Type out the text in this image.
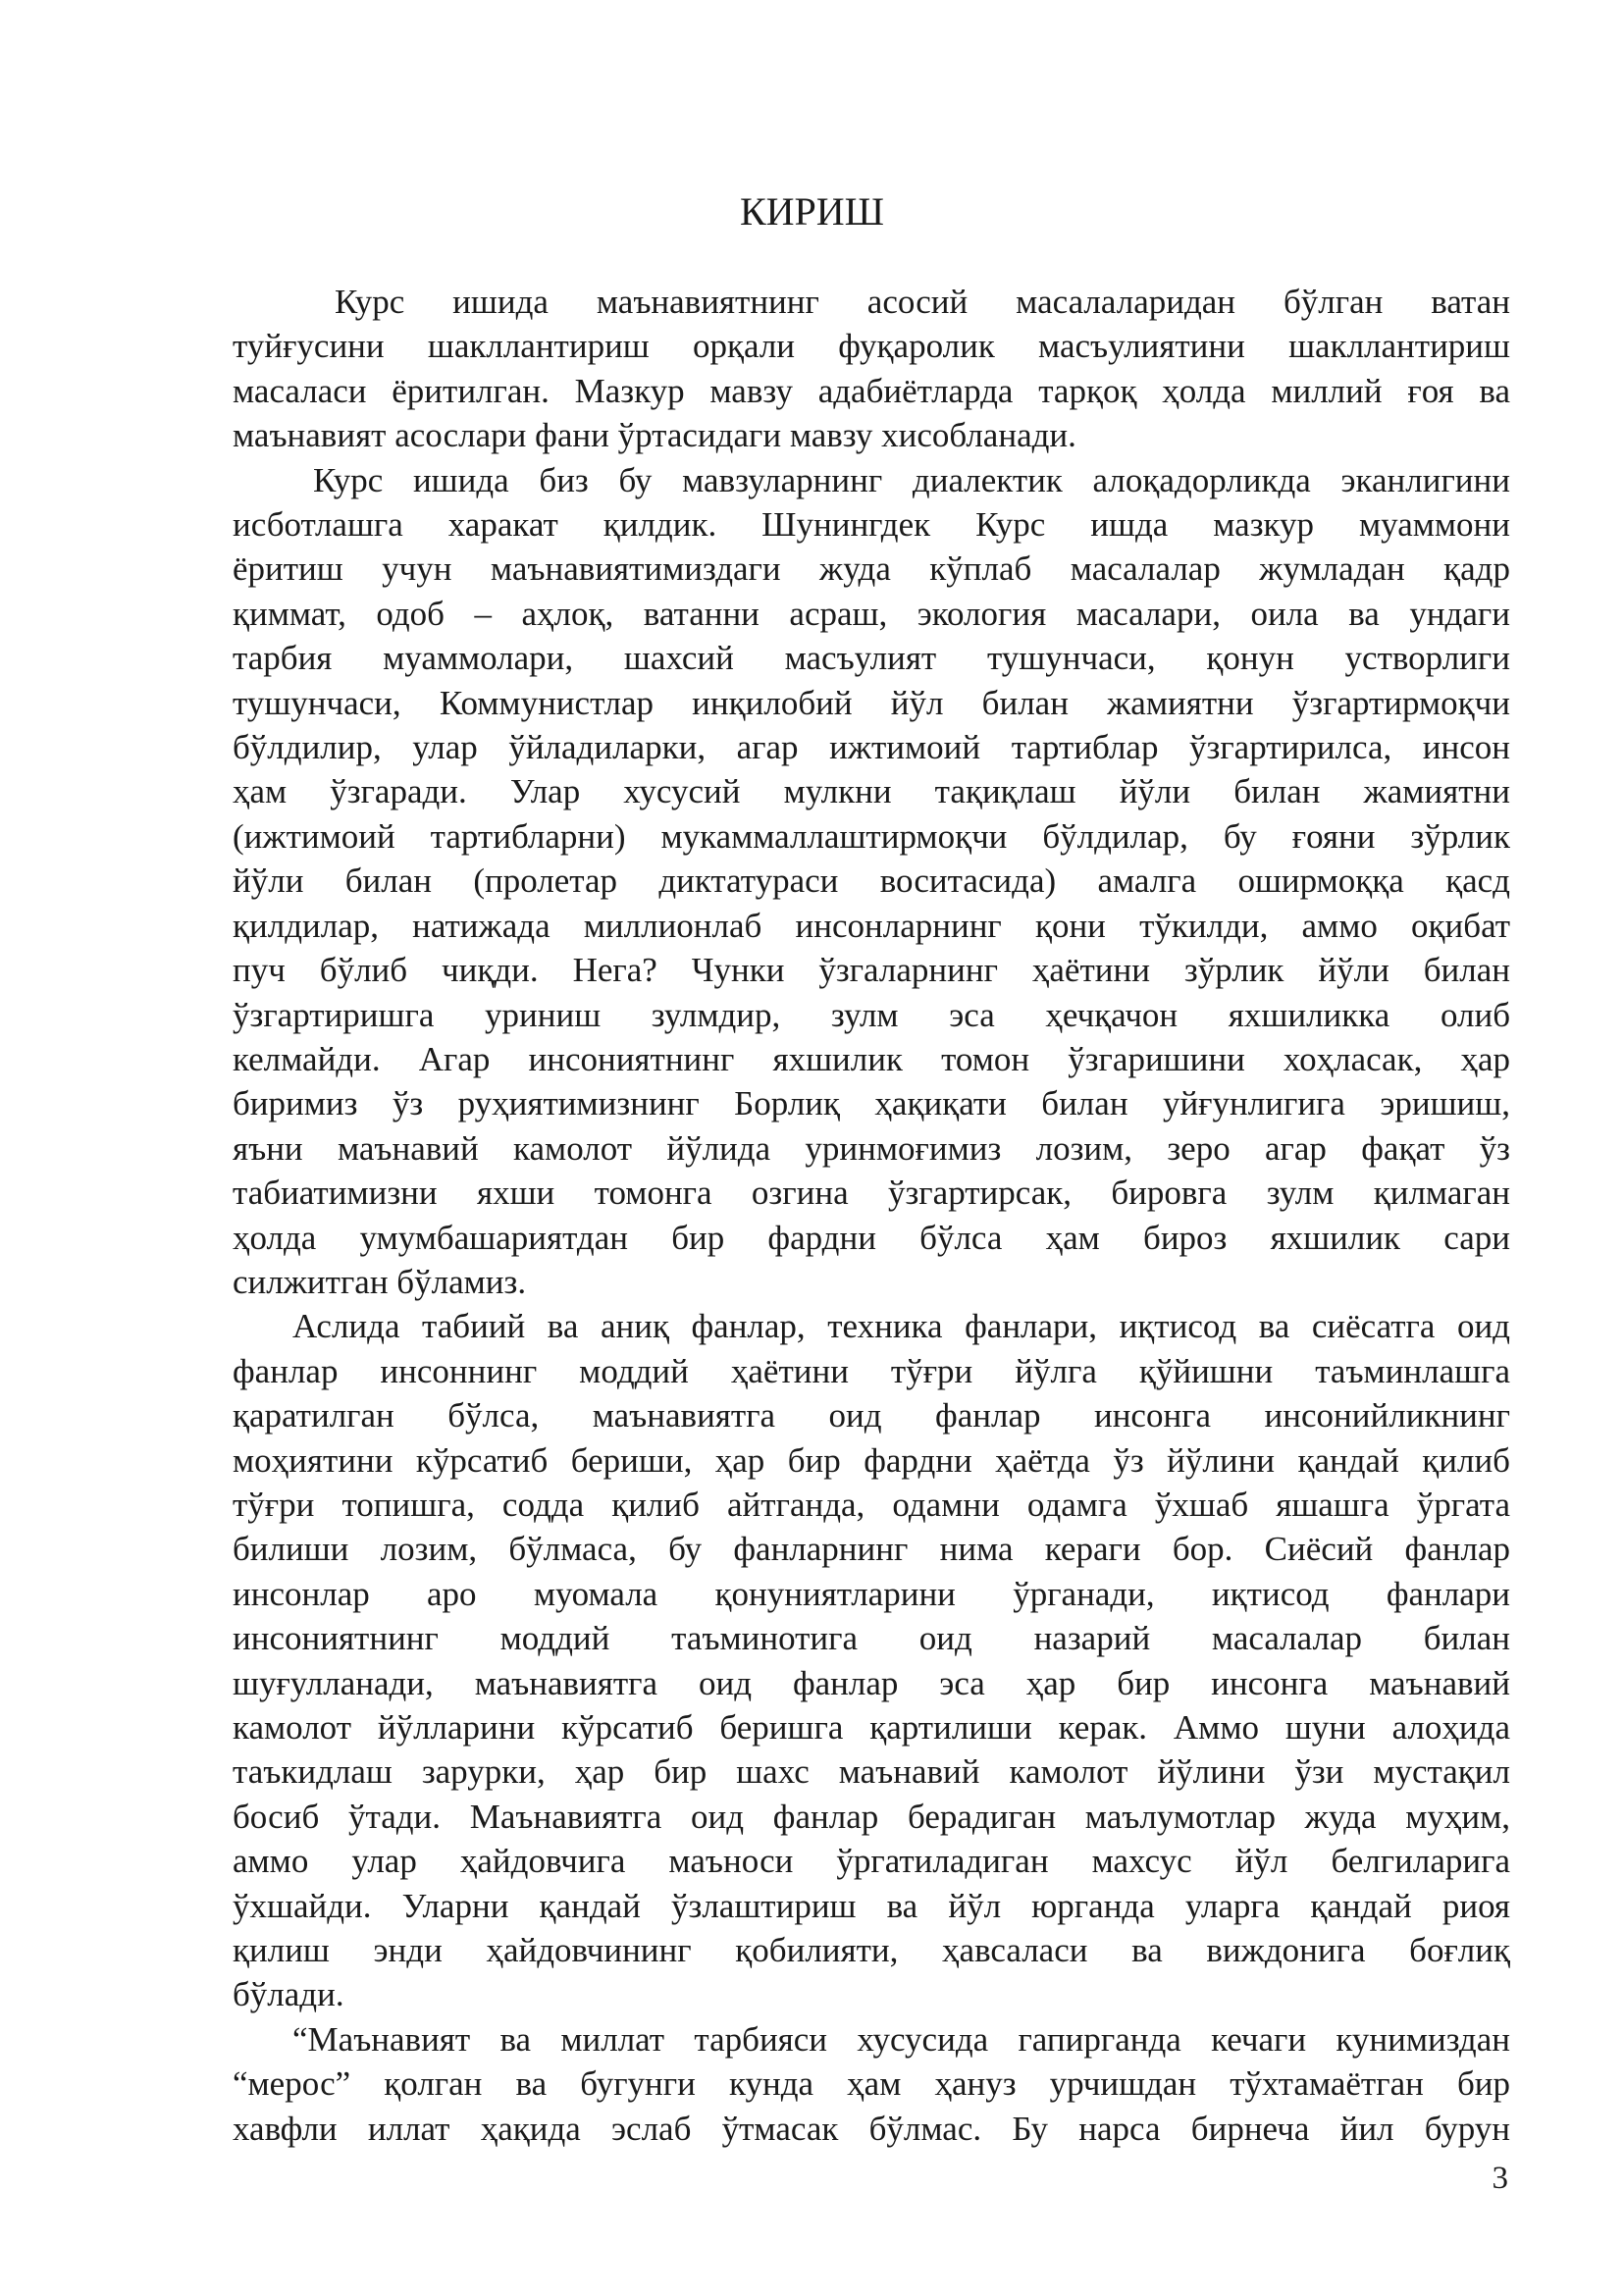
КИРИШ

Курс ишида маънавиятнинг асосий масалаларидан бўлган ватан
туйғусини шакллантириш орқали фуқаролик масъулиятини шакллантириш
масаласи ёритилган. Мазкур мавзу адабиётларда тарқоқ ҳолда миллий ғоя ва
маънавият асослари фани ўртасидаги мавзу хисобланади.

Курс ишида биз бу мавзуларнинг диалектик алоқадорликда эканлигини
исботлашга харакат қилдик. Шунингдек Курс ишда мазкур муаммони
ёритиш учун маънавиятимиздаги жуда кўплаб масалалар жумладан қадр
қиммат, одоб – аҳлоқ, ватанни асраш, экология масалари, оила ва ундаги
тарбия муаммолари, шахсий масъулият тушунчаси, қонун устворлиги
тушунчаси, Коммунистлар инқилобий йўл билан жамиятни ўзгартирмоқчи
бўлдилир, улар ўйладиларки, агар ижтимоий тартиблар ўзгартирилса, инсон
ҳам ўзгаради. Улар хусусий мулкни тақиқлаш йўли билан жамиятни
(ижтимоий тартибларни) мукаммаллаштирмоқчи бўлдилар, бу ғояни зўрлик
йўли билан (пролетар диктатураси воситасида) амалга оширмоққа қасд
қилдилар, натижада миллионлаб инсонларнинг қони тўкилди, аммо оқибат
пуч бўлиб чиқди. Нега? Чунки ўзгаларнинг ҳаётини зўрлик йўли билан
ўзгартиришга уриниш зулмдир, зулм эса ҳечқачон яхшиликка олиб
келмайди. Агар инсониятнинг яхшилик томон ўзгаришини хоҳласак, ҳар
биримиз ўз руҳиятимизнинг Борлиқ ҳақиқати билан уйғунлигига эришиш,
яъни маънавий камолот йўлида уринмоғимиз лозим, зеро агар фақат ўз
табиатимизни яхши томонга озгина ўзгартирсак, бировга зулм қилмаган
ҳолда умумбашариятдан бир фардни бўлса ҳам бироз яхшилик сари
силжитган бўламиз.

Аслида табиий ва аниқ фанлар, техника фанлари, иқтисод ва сиёсатга оид
фанлар инсоннинг моддий ҳаётини тўғри йўлга қўйишни таъминлашга
қаратилган бўлса, маънавиятга оид фанлар инсонга инсонийликнинг
моҳиятини кўрсатиб бериши, ҳар бир фардни ҳаётда ўз йўлини қандай қилиб
тўғри топишга, содда қилиб айтганда, одамни одамга ўхшаб яшашга ўргата
билиши лозим, бўлмаса, бу фанларнинг нима кераги бор. Сиёсий фанлар
инсонлар аро муомала қонуниятларини ўрганади, иқтисод фанлари
инсониятнинг моддий таъминотига оид назарий масалалар билан
шуғулланади, маънавиятга оид фанлар эса ҳар бир инсонга маънавий
камолот йўлларини кўрсатиб беришга қартилиши керак. Аммо шуни алоҳида
таъкидлаш зарурки, ҳар бир шахс маънавий камолот йўлини ўзи мустақил
босиб ўтади. Маънавиятга оид фанлар берадиган маълумотлар жуда муҳим,
аммо улар ҳайдовчига маъноси ўргатиладиган махсус йўл белгиларига
ўхшайди. Уларни қандай ўзлаштириш ва йўл юрганда уларга қандай риоя
қилиш энди ҳайдовчининг қобилияти, ҳавсаласи ва виждонига боғлиқ
бўлади.

“Маънавият ва миллат тарбияси хусусида гапирганда кечаги кунимиздан
“мерос” қолган ва бугунги кунда ҳам ҳануз урчишдан тўхтамаётган бир
хавфли иллат ҳақида эслаб ўтмасак бўлмас. Бу нарса бирнеча йил бурун

3
